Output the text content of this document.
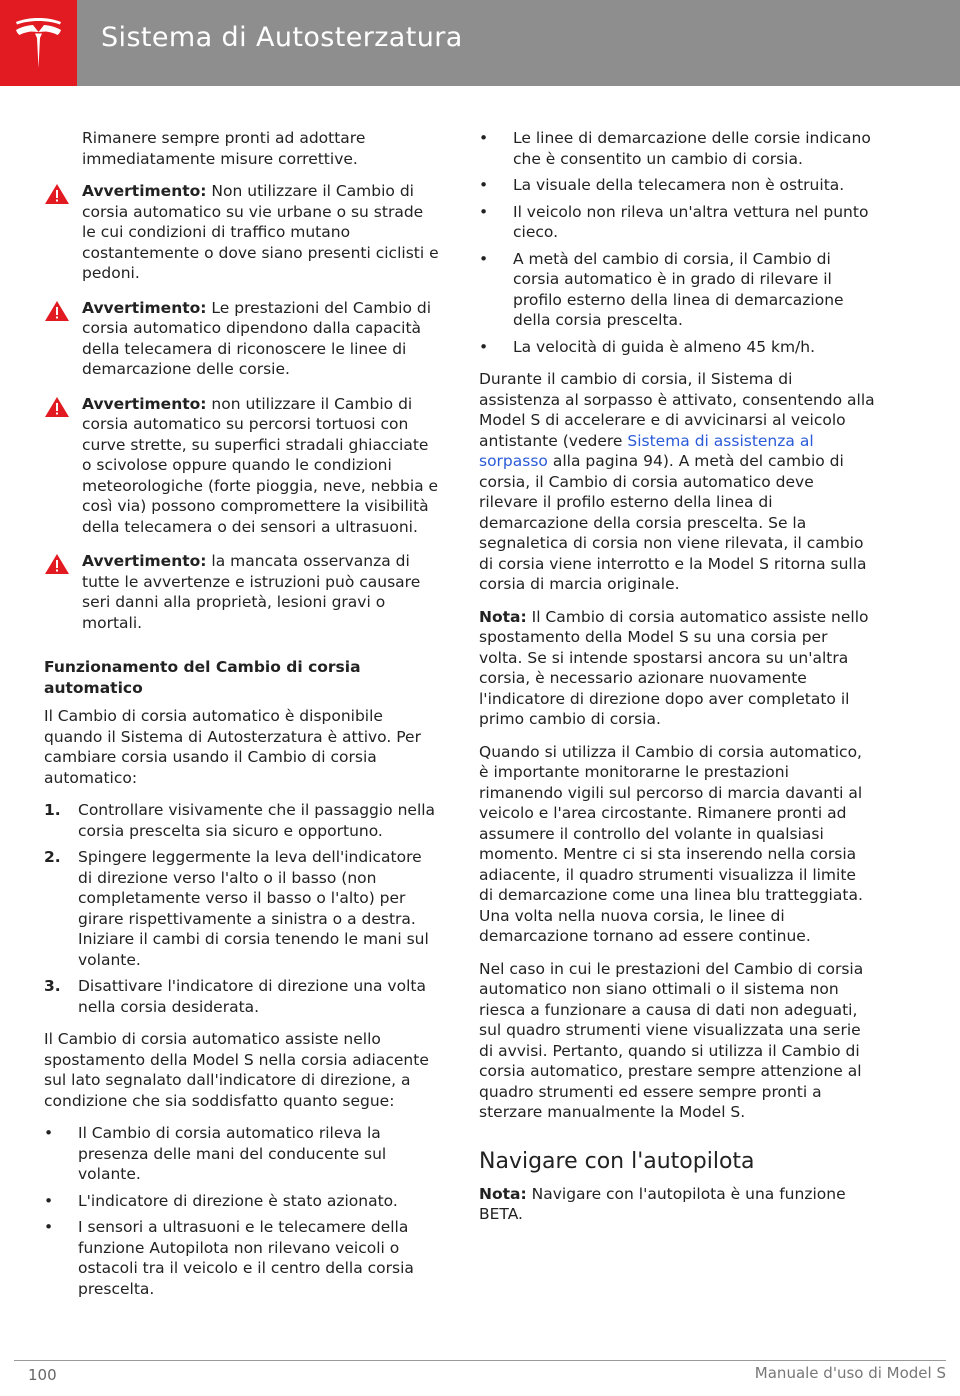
Sistema di Autosterzatura

Rimanere sempre pronti ad adottare immediatamente misure correttive.

Avvertimento: Non utilizzare il Cambio di corsia automatico su vie urbane o su strade le cui condizioni di traffico mutano costantemente o dove siano presenti ciclisti e pedoni.
Avvertimento: Le prestazioni del Cambio di corsia automatico dipendono dalla capacità della telecamera di riconoscere le linee di demarcazione delle corsie.
Avvertimento: non utilizzare il Cambio di corsia automatico su percorsi tortuosi con curve strette, su superfici stradali ghiacciate o scivolose oppure quando le condizioni meteorologiche (forte pioggia, neve, nebbia e così via) possono compromettere la visibilità della telecamera o dei sensori a ultrasuoni.
Avvertimento: la mancata osservanza di tutte le avvertenze e istruzioni può causare seri danni alla proprietà, lesioni gravi o mortali.
Funzionamento del Cambio di corsia automatico

Il Cambio di corsia automatico è disponibile quando il Sistema di Autosterzatura è attivo. Per cambiare corsia usando il Cambio di corsia automatico:

1. Controllare visivamente che il passaggio nella corsia prescelta sia sicuro e opportuno.
2. Spingere leggermente la leva dell'indicatore di direzione verso l'alto o il basso (non completamente verso il basso o l'alto) per girare rispettivamente a sinistra o a destra. Iniziare il cambi di corsia tenendo le mani sul volante.
3. Disattivare l'indicatore di direzione una volta nella corsia desiderata.

Il Cambio di corsia automatico assiste nello spostamento della Model S nella corsia adiacente sul lato segnalato dall'indicatore di direzione, a condizione che sia soddisfatto quanto segue:

• Il Cambio di corsia automatico rileva la presenza delle mani del conducente sul volante.
• L'indicatore di direzione è stato azionato.
• I sensori a ultrasuoni e le telecamere della funzione Autopilota non rilevano veicoli o ostacoli tra il veicolo e il centro della corsia prescelta.
• Le linee di demarcazione delle corsie indicano che è consentito un cambio di corsia.
• La visuale della telecamera non è ostruita.
• Il veicolo non rileva un'altra vettura nel punto cieco.
• A metà del cambio di corsia, il Cambio di corsia automatico è in grado di rilevare il profilo esterno della linea di demarcazione della corsia prescelta.
• La velocità di guida è almeno 45 km/h.

Durante il cambio di corsia, il Sistema di assistenza al sorpasso è attivato, consentendo alla Model S di accelerare e di avvicinarsi al veicolo antistante (vedere Sistema di assistenza al sorpasso alla pagina 94). A metà del cambio di corsia, il Cambio di corsia automatico deve rilevare il profilo esterno della linea di demarcazione della corsia prescelta. Se la segnaletica di corsia non viene rilevata, il cambio di corsia viene interrotto e la Model S ritorna sulla corsia di marcia originale.

Nota: Il Cambio di corsia automatico assiste nello spostamento della Model S su una corsia per volta. Se si intende spostarsi ancora su un'altra corsia, è necessario azionare nuovamente l'indicatore di direzione dopo aver completato il primo cambio di corsia.

Quando si utilizza il Cambio di corsia automatico, è importante monitorarne le prestazioni rimanendo vigili sul percorso di marcia davanti al veicolo e l'area circostante. Rimanere pronti ad assumere il controllo del volante in qualsiasi momento. Mentre ci si sta inserendo nella corsia adiacente, il quadro strumenti visualizza il limite di demarcazione come una linea blu tratteggiata. Una volta nella nuova corsia, le linee di demarcazione tornano ad essere continue.

Nel caso in cui le prestazioni del Cambio di corsia automatico non siano ottimali o il sistema non riesca a funzionare a causa di dati non adeguati, sul quadro strumenti viene visualizzata una serie di avvisi. Pertanto, quando si utilizza il Cambio di corsia automatico, prestare sempre attenzione al quadro strumenti ed essere sempre pronti a sterzare manualmente la Model S.

Navigare con l'autopilota

Nota: Navigare con l'autopilota è una funzione BETA.

100	Manuale d'uso di Model S
